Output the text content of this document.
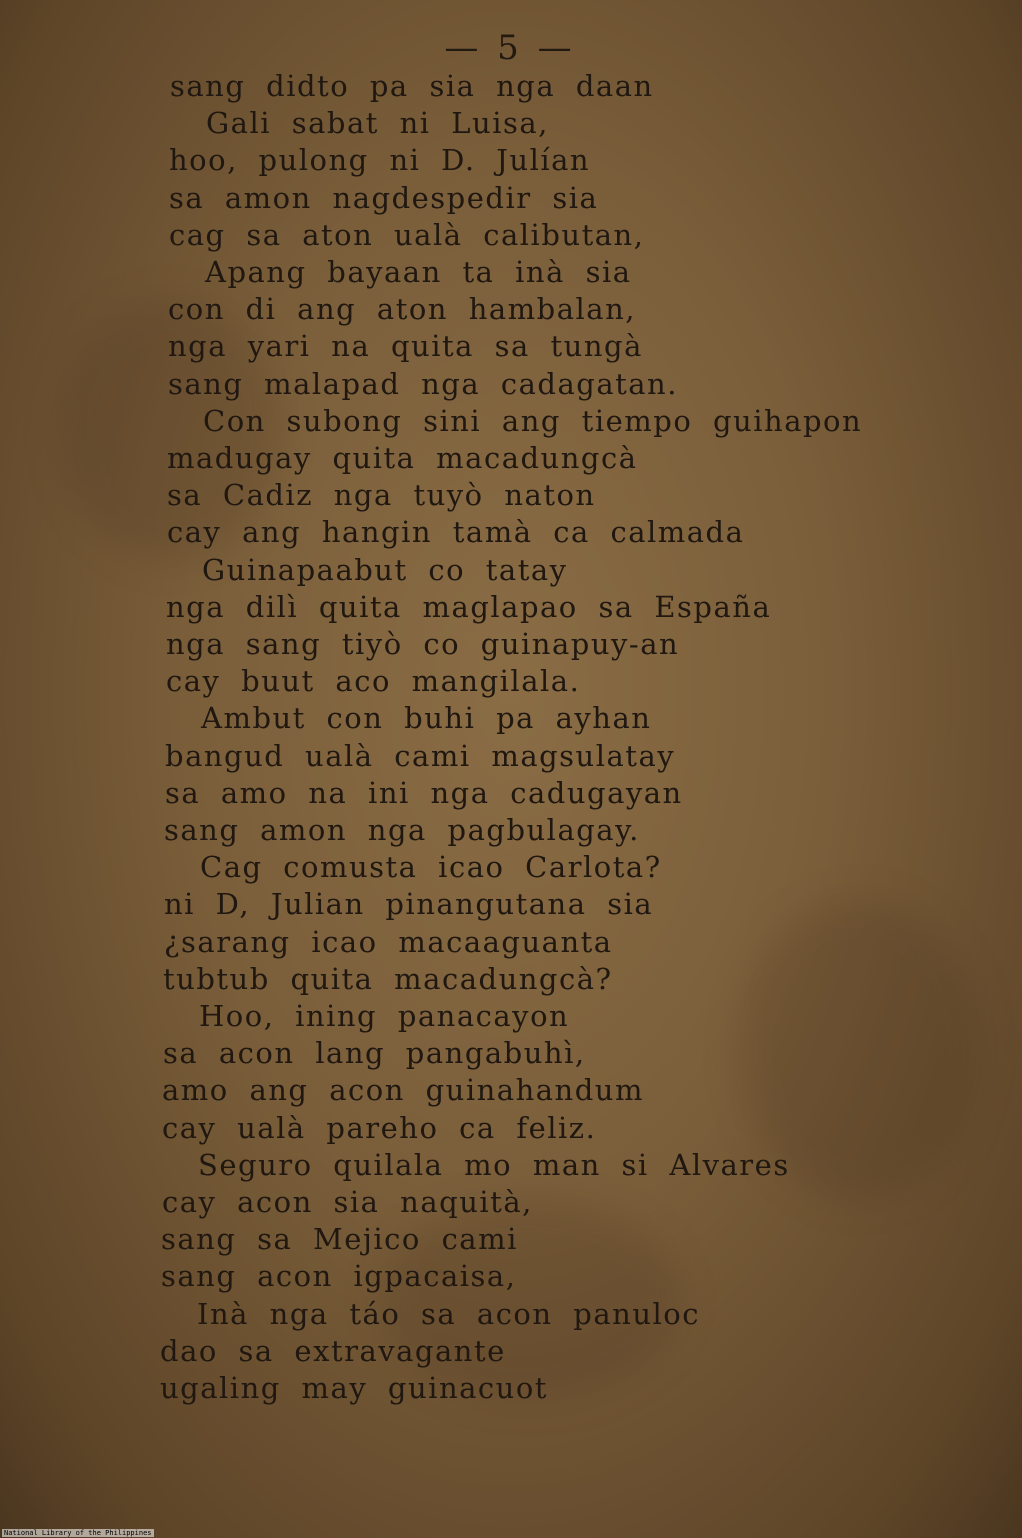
— 5 —
sang didto pa sia nga daan
Gali sabat ni Luisa,
hoo, pulong ni D. Julían
sa amon nagdespedir sia
cag sa aton ualà calibutan,
Apang bayaan ta inà sia
con di ang aton hambalan,
nga yari na quita sa tungà
sang malapad nga cadagatan.
Con subong sini ang tiempo guihapon
madugay quita macadungcà
sa Cadiz nga tuyò naton
cay ang hangin tamà ca calmada
Guinapaabut co tatay
nga dilì quita maglapao sa España
nga sang tiyò co guinapuy-an
cay buut aco mangilala.
Ambut con buhi pa ayhan
bangud ualà cami magsulatay
sa amo na ini nga cadugayan
sang amon nga pagbulagay.
Cag comusta icao Carlota?
ni D, Julian pinangutana sia
¿sarang icao macaaguanta
tubtub quita macadungcà?
Hoo, ining panacayon
sa acon lang pangabuhì,
amo ang acon guinahandum
cay ualà pareho ca feliz.
Seguro quilala mo man si Alvares
cay acon sia naquità,
sang sa Mejico cami
sang acon igpacaisa,
Inà nga táo sa acon panuloc
dao sa extravagante
ugaling may guinacuot
National Library of the Philippines
